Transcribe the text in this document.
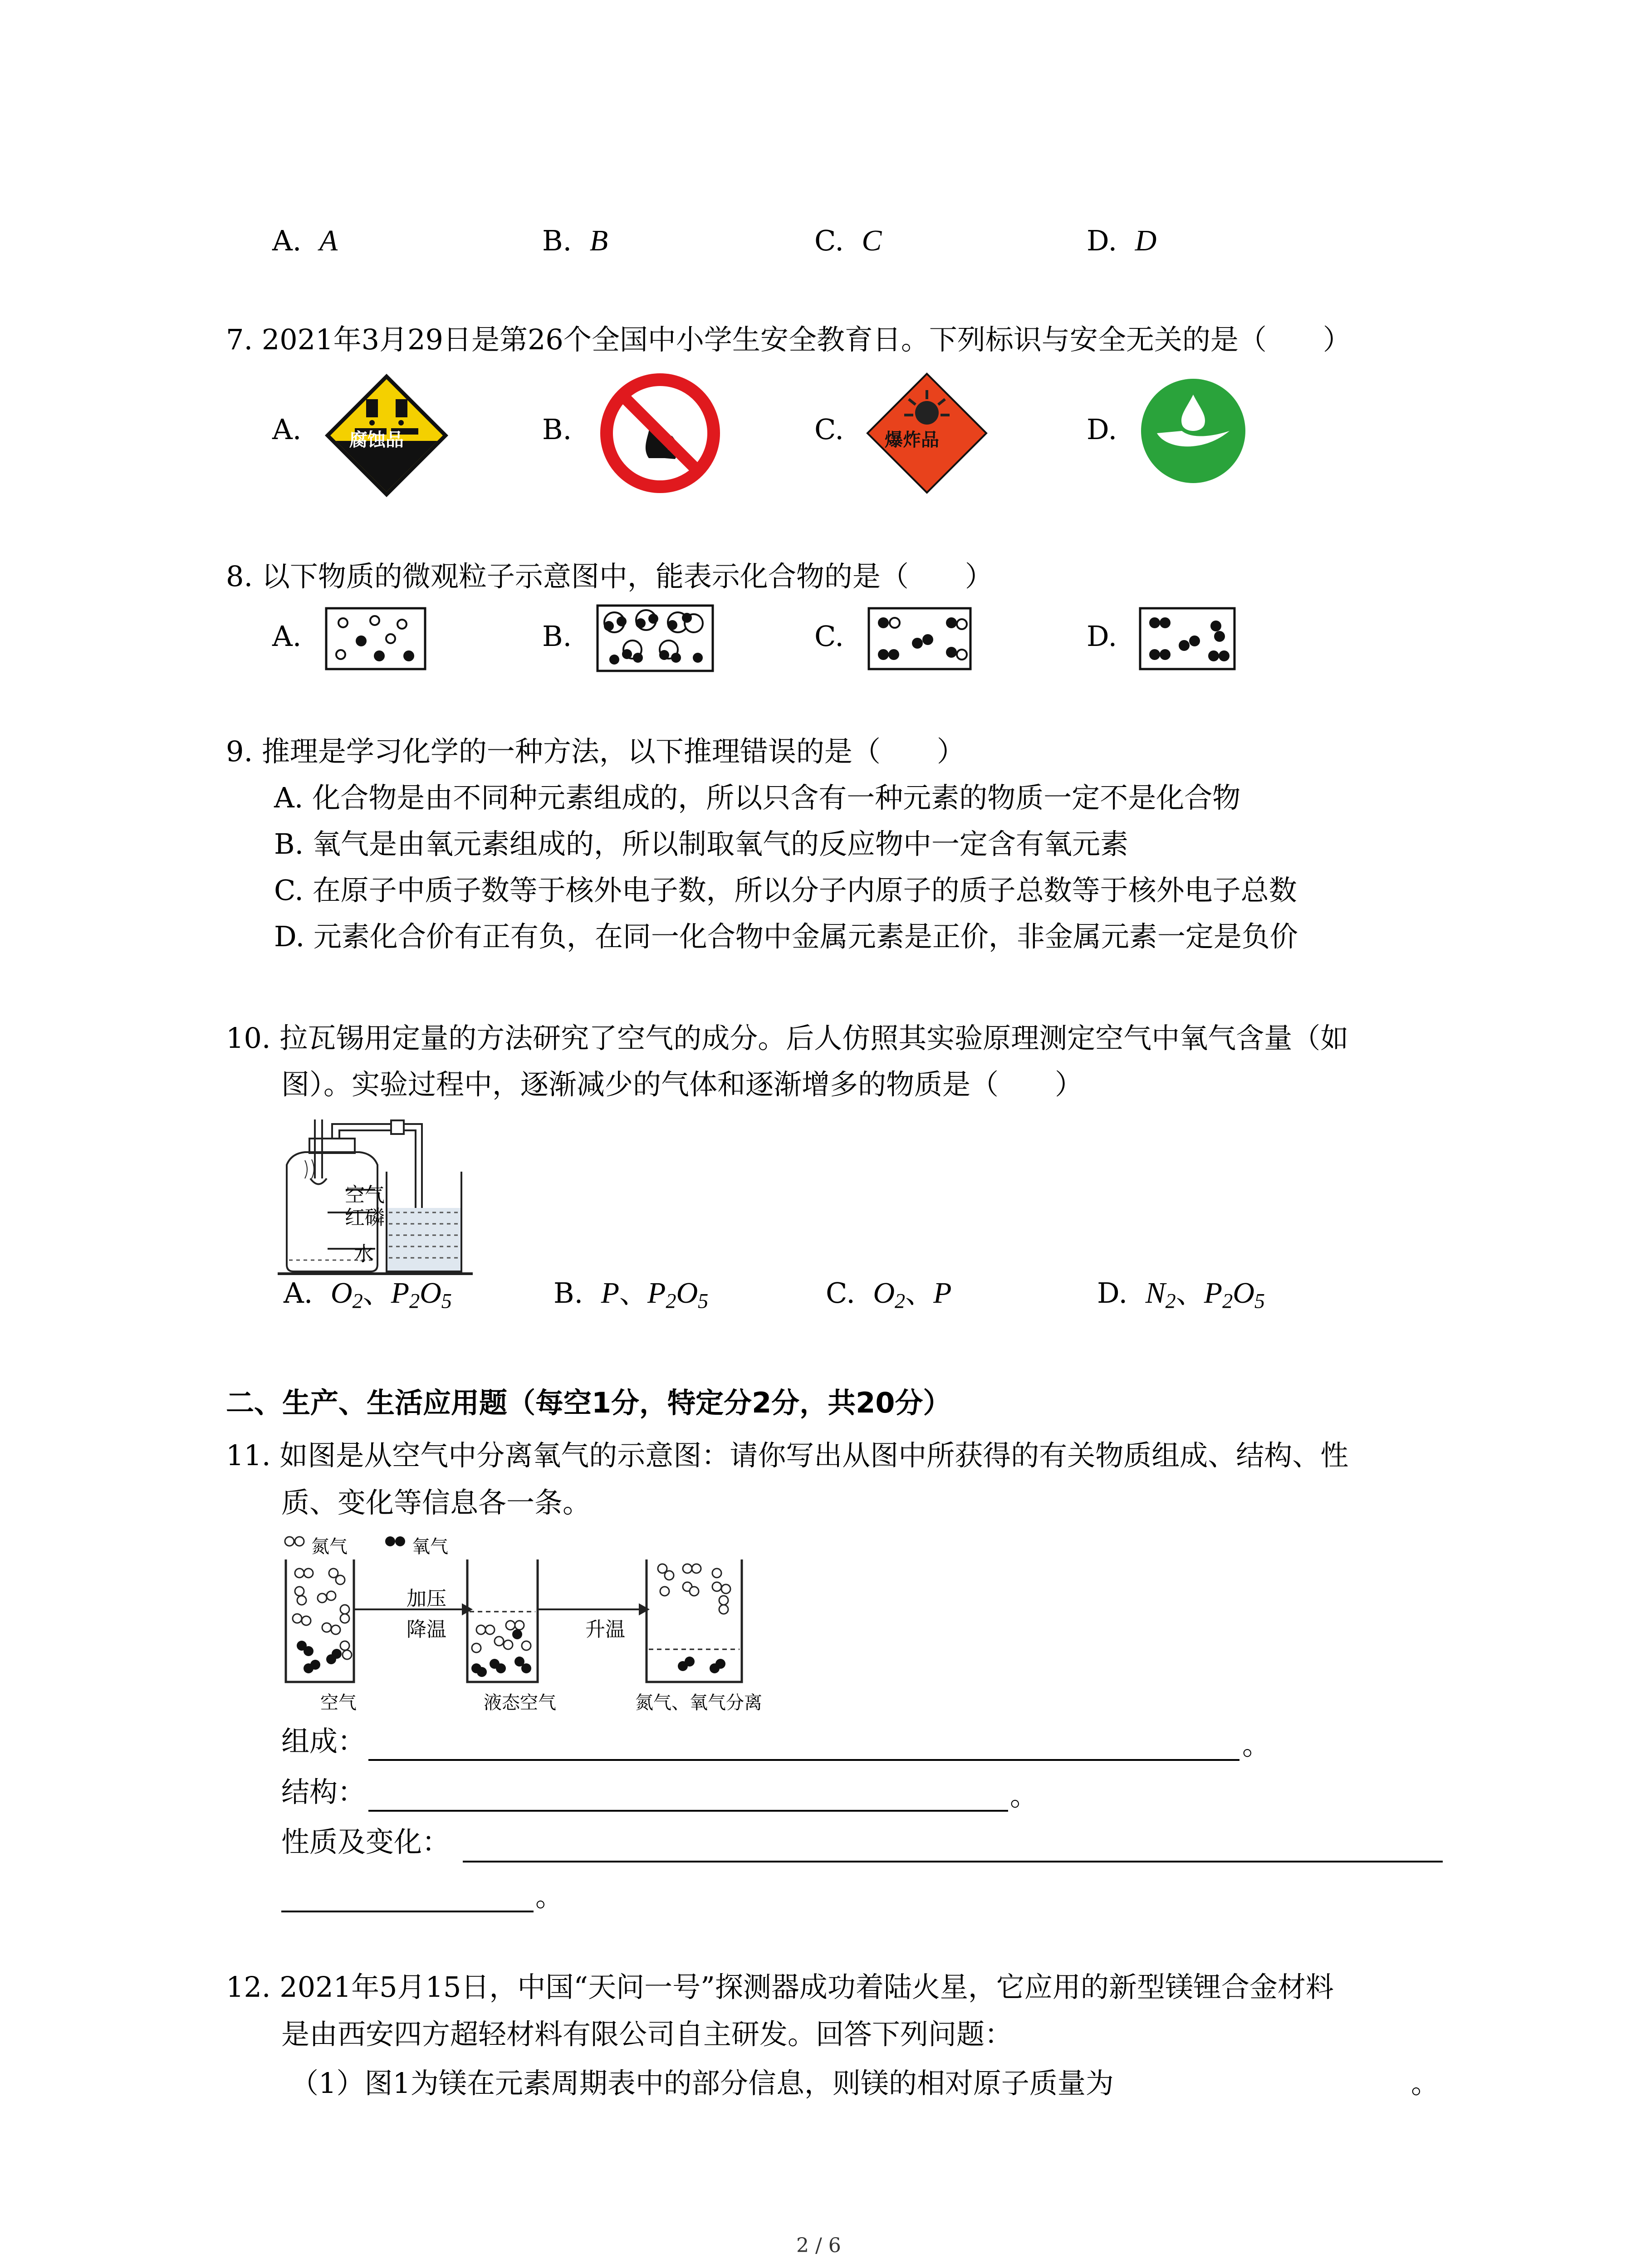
A. A	B. B	C. C	D. D
7. 2021年3月29日是第26个全国中小学生安全教育日。下列标识与安全无关的是（　　）
A.	B.	C.	D.
腐蚀品	爆炸品
8. 以下物质的微观粒子示意图中，能表示化合物的是（　　）
A.	B.	C.	D.
9. 推理是学习化学的一种方法，以下推理错误的是（　　）
A. 化合物是由不同种元素组成的，所以只含有一种元素的物质一定不是化合物
B. 氧气是由氧元素组成的，所以制取氧气的反应物中一定含有氧元素
C. 在原子中质子数等于核外电子数，所以分子内原子的质子总数等于核外电子总数
D. 元素化合价有正有负，在同一化合物中金属元素是正价，非金属元素一定是负价
10. 拉瓦锡用定量的方法研究了空气的成分。后人仿照其实验原理测定空气中氧气含量（如
图）。实验过程中，逐渐减少的气体和逐渐增多的物质是（　　）
空气
红磷
水
A. $O_2$、$P_2O_5$	B. P、$P_2O_5$	C. $O_2$、P	D. $N_2$、$P_2O_5$
二、生产、生活应用题（每空1分，特定分2分，共20分）
11. 如图是从空气中分离氧气的示意图：请你写出从图中所获得的有关物质组成、结构、性
质、变化等信息各一条。
氮气	氧气
加压
降温	升温
空气	液态空气	氮气、氧气分离
组成：	。
结构：	。
性质及变化：
。
12. 2021年5月15日，中国“天问一号”探测器成功着陆火星，它应用的新型镁锂合金材料
是由西安四方超轻材料有限公司自主研发。回答下列问题：
（1）图1为镁在元素周期表中的部分信息，则镁的相对原子质量为	。
2 / 6
